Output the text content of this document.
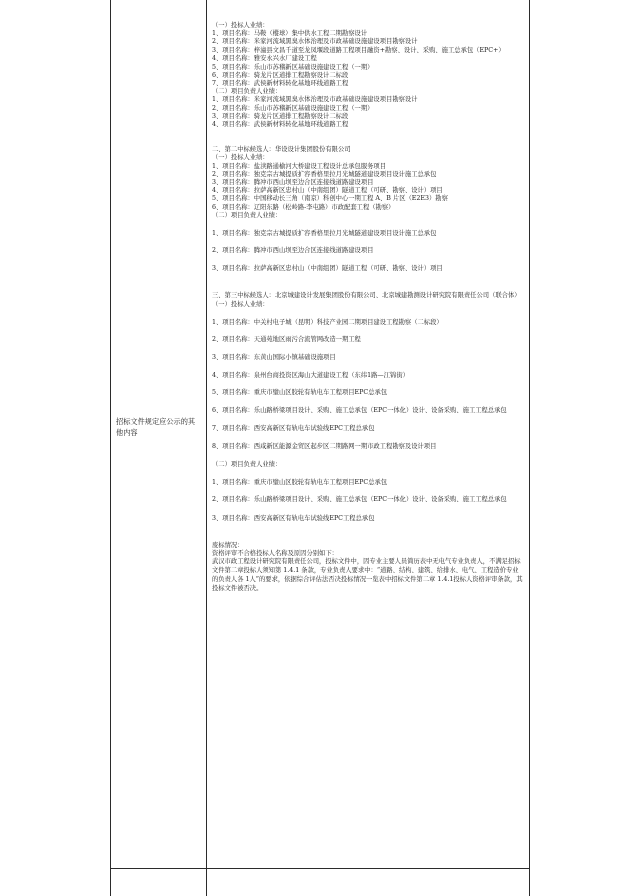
招标文件规定应公示的其他内容

（一）投标人业绩：

1、项目名称：马鞍（樅球）集中供水工程二期勘察设计

2、项目名称：米家河流域黑臭水体治理及市政基础设施建设项目勘察设计

3、项目名称：梓潼县文昌千道至龙凤堰段道路工程项目融资+勘察、设计、采购、施工总承包（EPC+）

4、项目名称：雅安永兴水厂建设工程

5、项目名称：乐山市苏稽新区基础设施建设工程（一期）

6、项目名称：骑龙片区道排工程勘察设计二标段

7、项目名称：武侯新材料转化基地环线道路工程

（二）项目负责人业绩：

1、项目名称：米家河流域黑臭水体治理及市政基础设施建设项目勘察设计

2、项目名称：乐山市苏稽新区基础设施建设工程（一期）

3、项目名称：骑龙片区道排工程勘察设计二标段

4、项目名称：武侯新材料转化基地环线道路工程

二、第二中标候选人：华设设计集团股份有限公司

（一）投标人业绩：

1、项目名称：盐渎路通榆河大桥建设工程设计总承包服务项目

2、项目名称：独克宗古城提质扩容香格里拉月光城隧道建设项目设计施工总承包

3、项目名称：腾冲市西山坝至边合区连接线道路建设项目

4、项目名称：拉萨高新区忠村山（中南组团）隧道工程（可研、勘察、设计）项目

5、项目名称：中国移动长三角（南京）科创中心一期工程 A、B 片区（E2E3）勘察

6、项目名称：辽阳东路（松岭路-李屯路）市政配套工程（勘察）

（二）项目负责人业绩：

1、项目名称：独克宗古城提质扩容香格里拉月光城隧道建设项目设计施工总承包

2、项目名称：腾冲市西山坝至边合区连接线道路建设项目

3、项目名称：拉萨高新区忠村山（中南组团）隧道工程（可研、勘察、设计）项目

三、第三中标候选人：北京城建设计发展集团股份有限公司、北京城建勘测设计研究院有限责任公司（联合体）

（一）投标人业绩：

1、项目名称：中关村电子城（昆明）科技产业园二期项目建设工程勘察（二标段）

2、项目名称：天通苑地区雨污合流管网改造一期工程

3、项目名称：东黄山国际小镇基础设施项目

4、项目名称：泉州台商投资区海山大道建设工程（东纬1路—江锦街）

5、项目名称：重庆市璧山区胶轮有轨电车工程项目EPC总承包

6、项目名称：乐山路桥梁项目设计、采购、施工总承包（EPC一体化）设计、设备采购、施工工程总承包

7、项目名称：西安高新区有轨电车试验线EPC工程总承包

8、项目名称：西咸新区能源金贸区起步区二期路网一期市政工程勘察及设计项目

（二）项目负责人业绩：

1、项目名称：重庆市璧山区胶轮有轨电车工程项目EPC总承包

2、项目名称：乐山路桥梁项目设计、采购、施工总承包（EPC一体化）设计、设备采购、施工工程总承包

3、项目名称：西安高新区有轨电车试验线EPC工程总承包

废标情况：

资格评审不合格投标人名称及原因分别如下：

武汉市政工程设计研究院有限责任公司，投标文件中，因专业主要人员简历表中无电气专业负责人，不满足招标文件第二章投标人须知第 1.4.1 条款，专业负责人要求中：“道路、结构、建筑、给排水、电气、工程造价专业的负责人各 1人”的要求，依据综合评估法否决投标情况一览表中招标文件第二章 1.4.1投标人资格评审条款，其投标文件被否决。
